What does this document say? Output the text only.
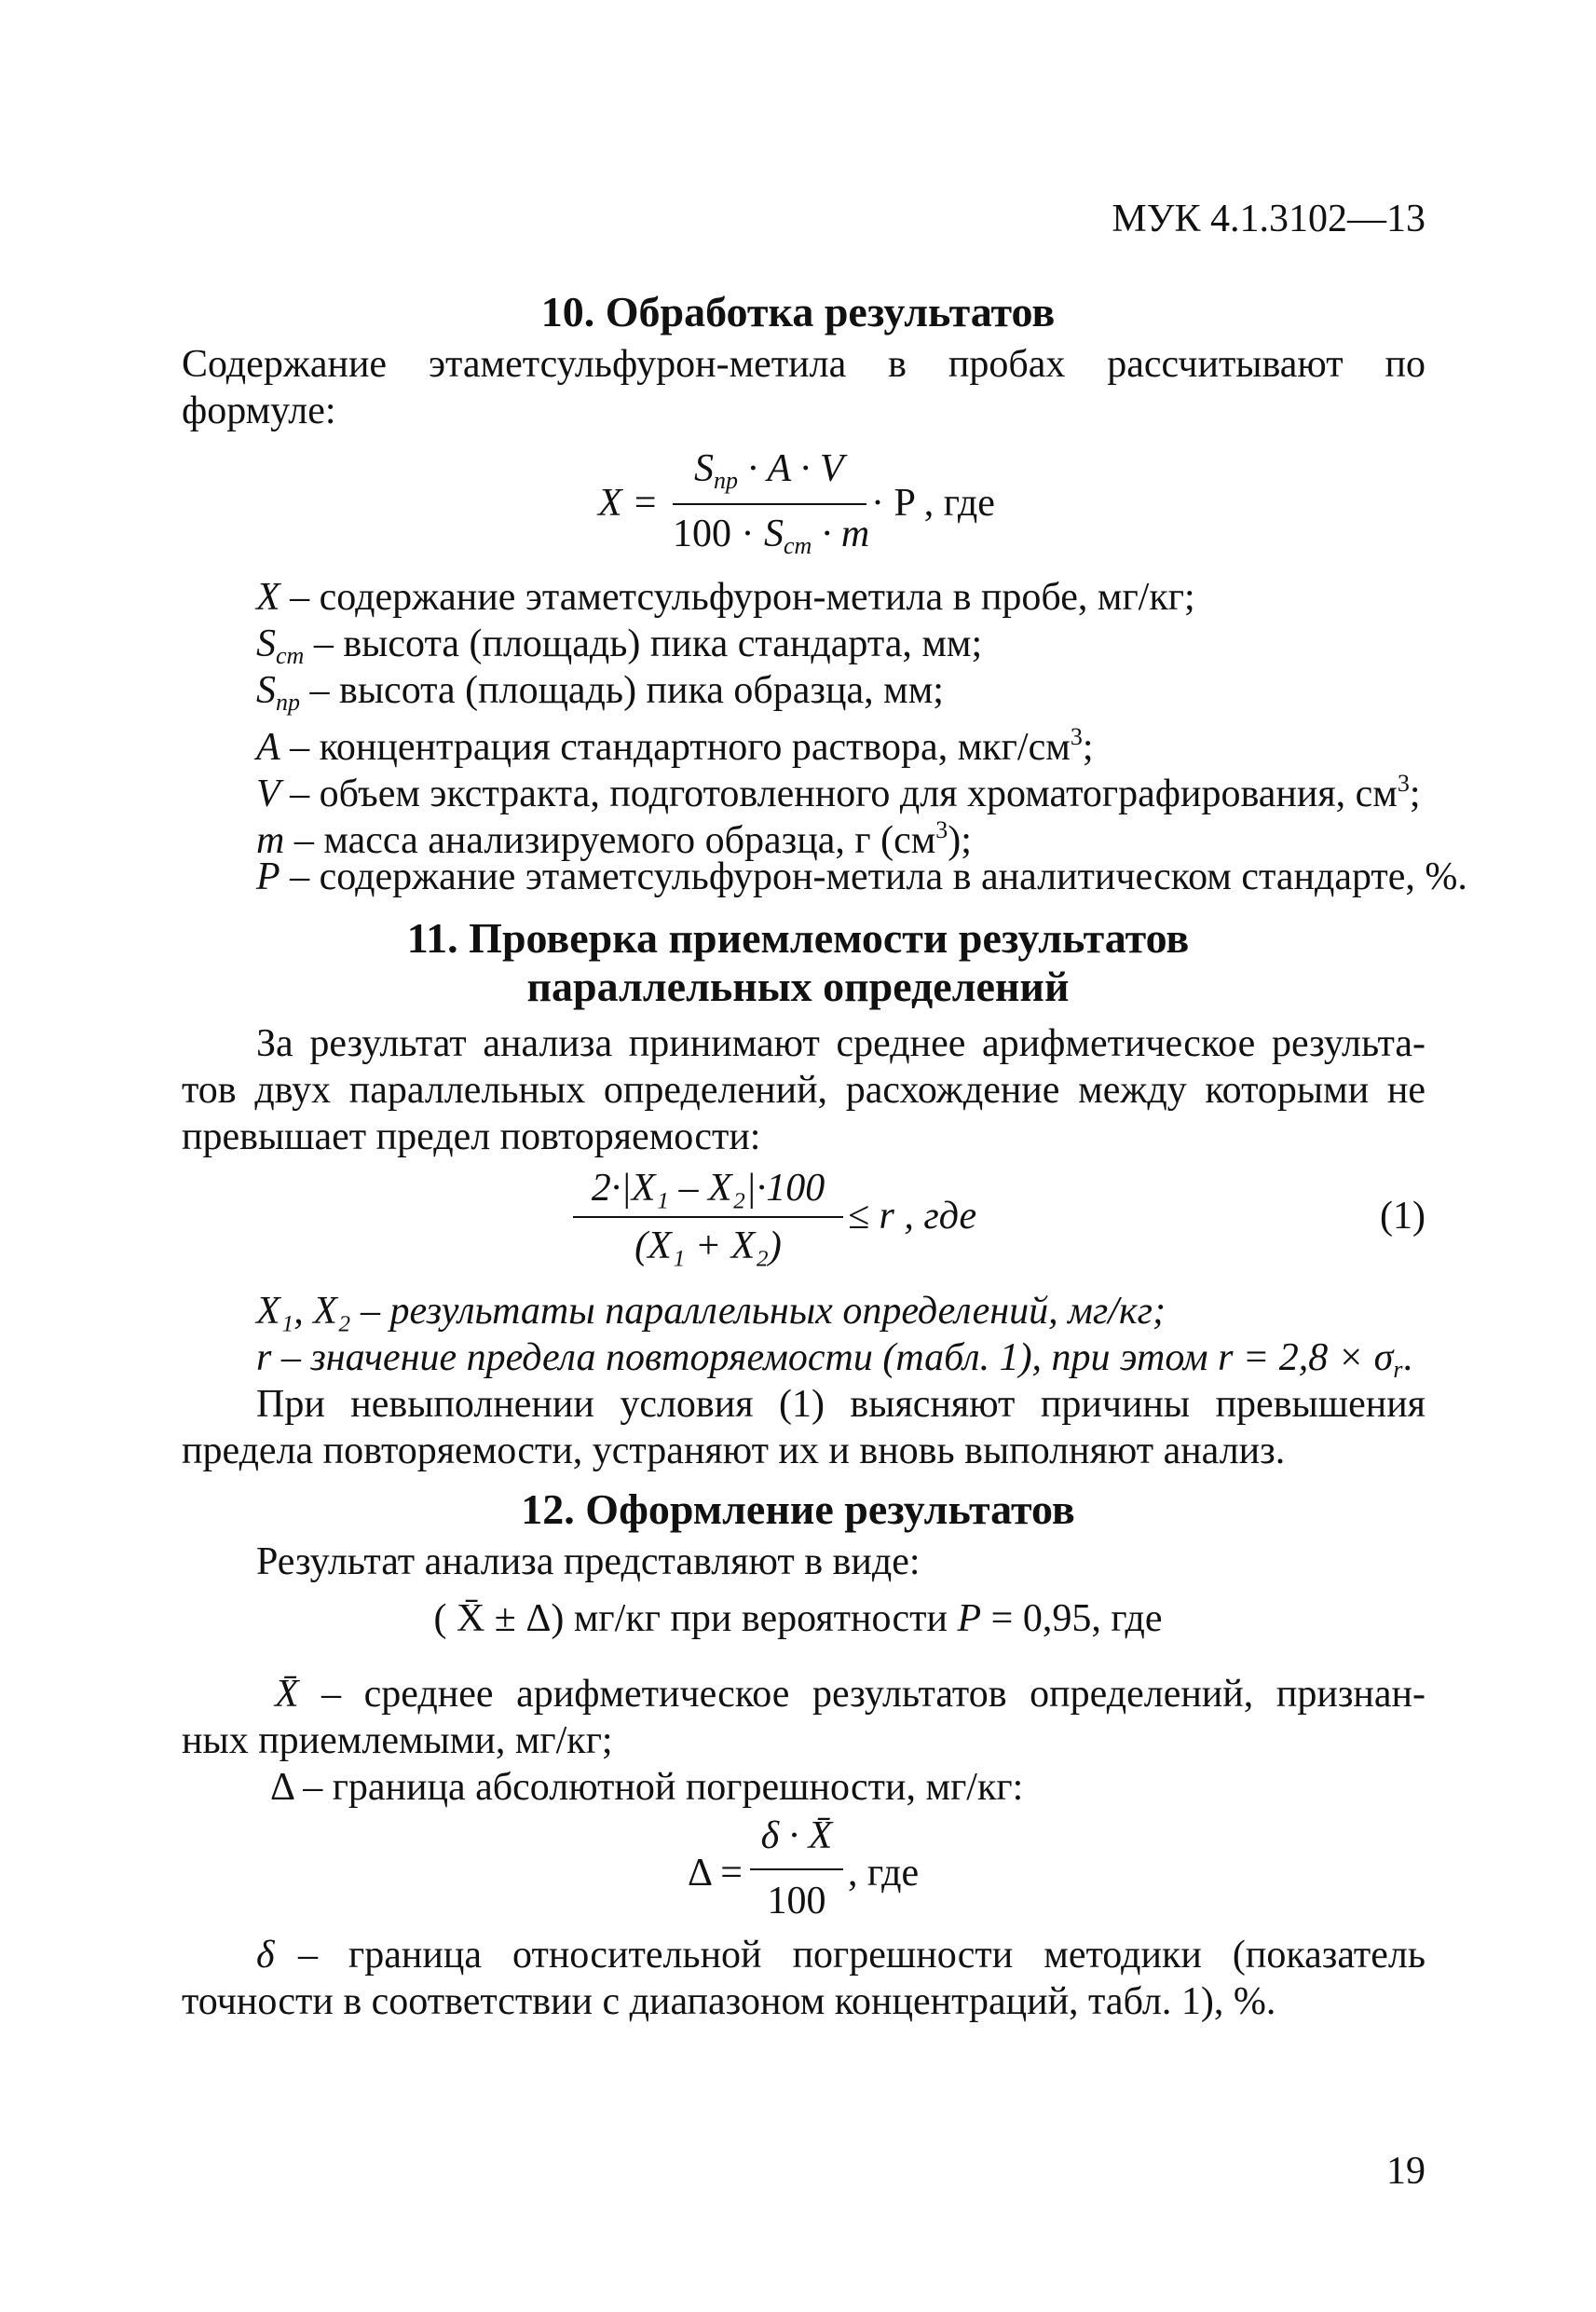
МУК 4.1.3102—13
10. Обработка результатов
Содержание этаметсульфурон-метила в пробах рассчитывают по
формуле:
X =
$S_{пр} \cdot A \cdot V$
$100 \cdot S_{ст} \cdot m$
· P , где
X – содержание этаметсульфурон-метила в пробе, мг/кг;
$S_{ст}$ – высота (площадь) пика стандарта, мм;
$S_{пр}$ – высота (площадь) пика образца, мм;
A – концентрация стандартного раствора, мкг/$см^3$;
V – объем экстракта, подготовленного для хроматографирования, $см^3$;
m – масса анализируемого образца, г $(см^3)$;
P – содержание этаметсульфурон-метила в аналитическом стандарте, %.
11. Проверка приемлемости результатов
параллельных определений
За результат анализа принимают среднее арифметическое результа-
тов двух параллельных определений, расхождение между которыми не
превышает предел повторяемости:
2·|X₁ – X₂|·100
(X₁ + X₂)
≤ r , где	(1)
X₁, X₂ – результаты параллельных определений, мг/кг;
r – значение предела повторяемости (табл. 1), при этом $r = 2,8 \times \sigma_r$.
При невыполнении условия (1) выясняют причины превышения
предела повторяемости, устраняют их и вновь выполняют анализ.
12. Оформление результатов
Результат анализа представляют в виде:
( X̄ ± Δ) мг/кг при вероятности P = 0,95, где
X̄ – среднее арифметическое результатов определений, признан-
ных приемлемыми, мг/кг;
Δ – граница абсолютной погрешности, мг/кг:
Δ =
δ · X̄
100
, где
δ – граница относительной погрешности методики (показатель
точности в соответствии с диапазоном концентраций, табл. 1), %.
19
